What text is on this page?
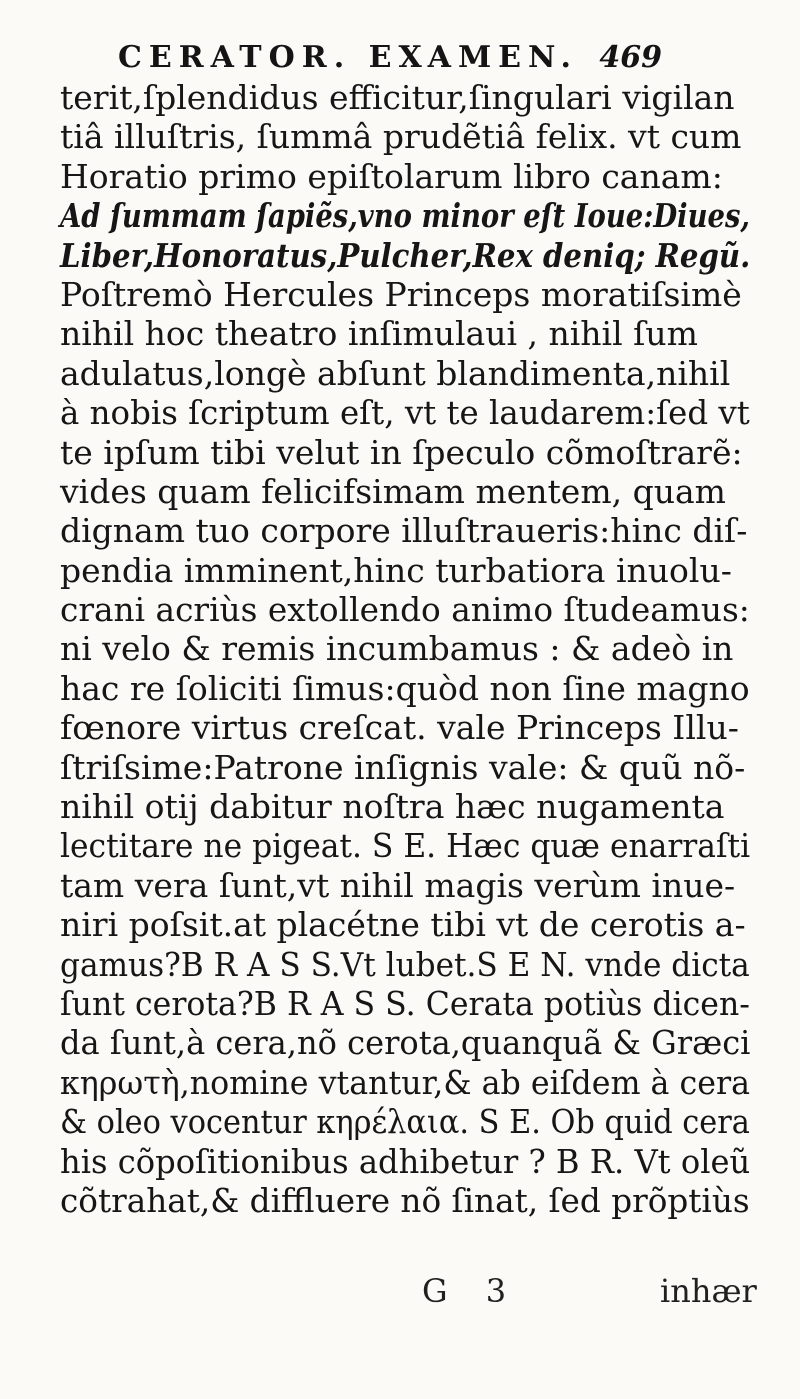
CERATOR. EXAMEN. 469
terit,ſplendidus efficitur,ſingulari vigilan
tiâ illuſtris, ſummâ prudẽtiâ felix. vt cum
Horatio primo epiſtolarum libro canam:
Ad ſummam ſapiẽs,vno minor eſt Ioue:Diues,
Liber,Honoratus,Pulcher,Rex deniq; Regũ.
Poſtremò Hercules Princeps moratiſsimè
nihil hoc theatro inſimulaui , nihil ſum
adulatus,longè abſunt blandimenta,nihil
à nobis ſcriptum eſt, vt te laudarem:ſed vt
te ipſum tibi velut in ſpeculo cõmoſtrarẽ:
vides quam felicifsimam mentem, quam
dignam tuo corpore illuſtraueris:hinc diſ-
pendia imminent,hinc turbatiora inuolu-
crani acriùs extollendo animo ſtudeamus:
ni velo & remis incumbamus : & adeò in
hac re ſoliciti ſimus:quòd non ſine magno
fœnore virtus creſcat. vale Princeps Illu-
ſtriſsime:Patrone inſignis vale: & quũ nõ-
nihil otij dabitur noſtra hæc nugamenta
lectitare ne pigeat. S E. Hæc quæ enarraſti
tam vera ſunt,vt nihil magis verùm inue-
niri poſsit.at placétne tibi vt de cerotis a-
gamus?B R A S S.Vt lubet.S E N. vnde dicta
ſunt cerota?B R A S S. Cerata potiùs dicen-
da ſunt,à cera,nõ cerota,quanquã & Græci
κηρωτὴ,nomine vtantur,& ab eiſdem à cera
& oleo vocentur κηρέλαια. S E. Ob quid cera
his cõpoſitionibus adhibetur ? B R. Vt oleũ
cõtrahat,& diffluere nõ ſinat, ſed prõptiùs
G 3	inhær
